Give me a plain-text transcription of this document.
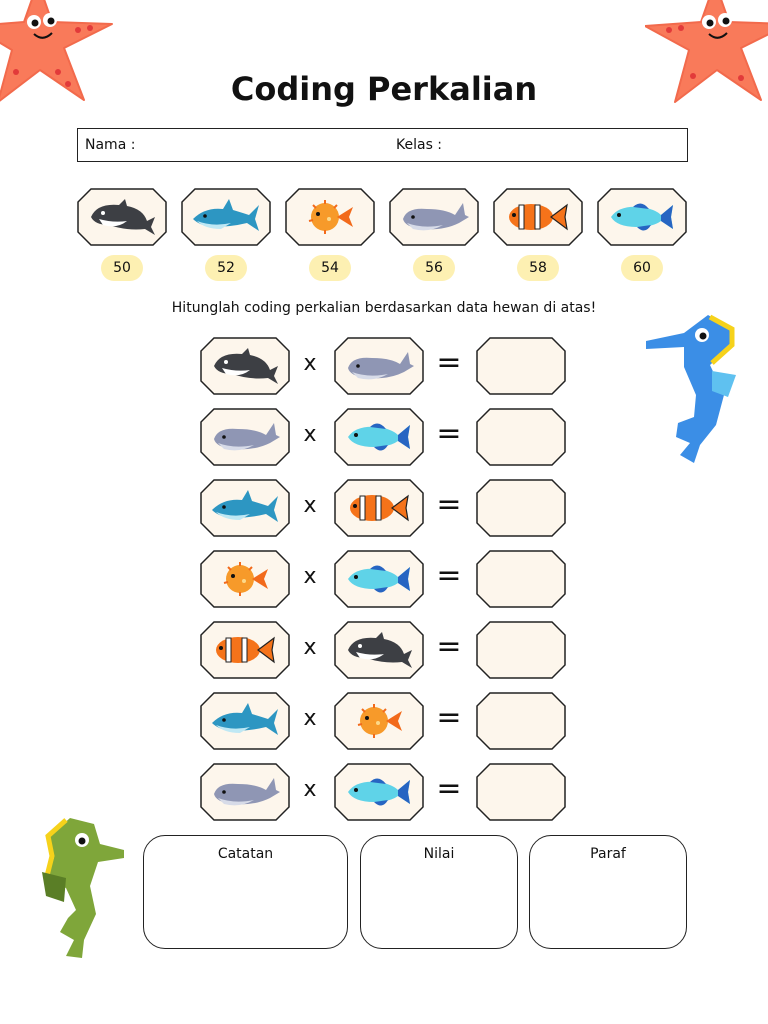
Coding Perkalian
Nama :	Kelas :
50	52	54	56	58	60
Hitunglah coding perkalian berdasarkan data hewan di atas!
x	=
x	=
x	=
x	=
x	=
x	=
x	=
Catatan	Nilai	Paraf
